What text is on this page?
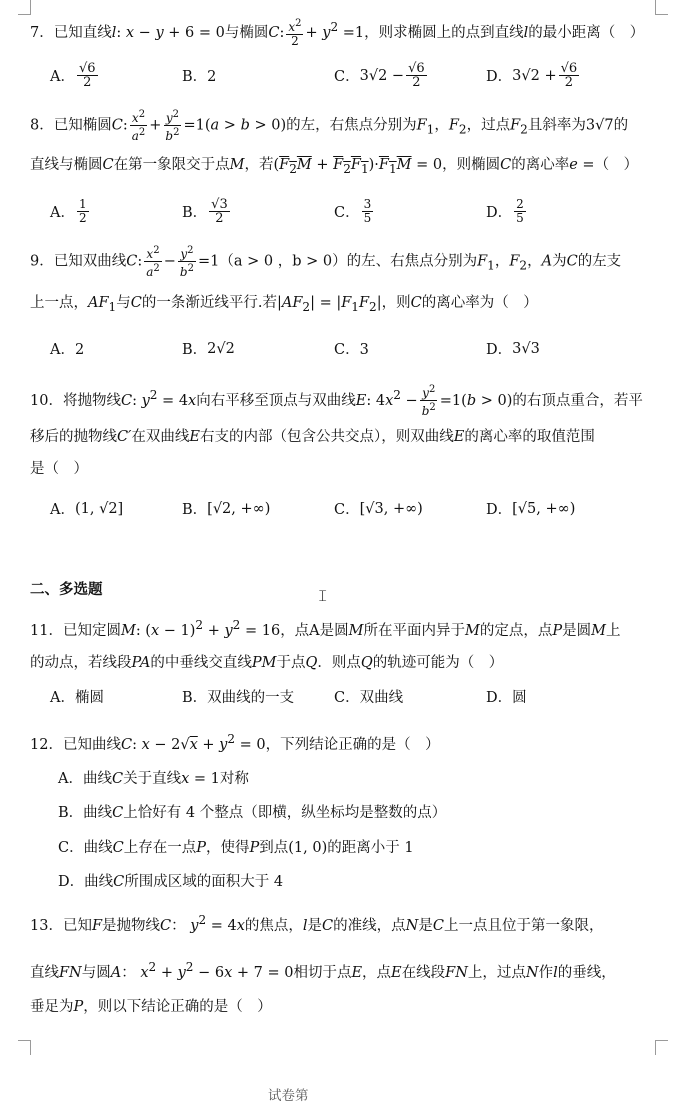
7．已知直线l: x − y + 6 = 0与椭圆C: $\frac{x^2}{2} + y^2 =1$，则求椭圆上的点到直线l的最小距离（　）
A． $\frac{√6}{2}$	B．2	C． $3√2 - \frac{√6}{2}$	D． $3√2 + \frac{√6}{2}$
8．已知椭圆C: $\frac{x^2}{a^2} + \frac{y^2}{b^2} =1(a > b > 0)$的左，右焦点分别为$F_1$，$F_2$，过点$F_2$且斜率为3√7的
直线与椭圆C在第一象限交于点M，若$(F_2M + F_2F_1)\cdot F_1M = 0$，则椭圆C的离心率e =（　）
A． $\frac{1}{2}$	B． $\frac{√3}{2}$	C． $\frac{3}{5}$	D． $\frac{2}{5}$
9．已知双曲线C: $\frac{x^2}{a^2} - \frac{y^2}{b^2} =1(a > 0$ ，b > 0）的左、右焦点分别为$F_1$，$F_2$，A为C的左支
上一点，$AF_1$与C的一条渐近线平行.若$|AF_2| = |F_1F_2|$，则C的离心率为（　）
A．2	B． 2√2	C．3	D． 3√3
10．将抛物线C: $y^2 = 4x$向右平移至顶点与双曲线E: $4x^2 - \frac{y^2}{b^2} =1(b > 0)$的右顶点重合，若平
移后的抛物线C′在双曲线E右支的内部（包含公共交点），则双曲线E的离心率的取值范围
是（　）
A． (1, √2]	B． [√2, +∞)	C． [√3, +∞)	D． [√5, +∞)
二、多选题	𝙸
11．已知定圆M: $(x - 1)^2 + y^2 = 16$，点A是圆M所在平面内异于M的定点，点P是圆M上
的动点，若线段PA的中垂线交直线PM于点Q．则点Q的轨迹可能为（　）
A．椭圆	B．双曲线的一支	C．双曲线	D．圆
12．已知曲线C: $x - 2√x + y^2 = 0$，下列结论正确的是（　）
A．曲线C关于直线x = 1对称
B．曲线C上恰好有 4 个整点（即横，纵坐标均是整数的点）
C．曲线C上存在一点P，使得P到点(1, 0)的距离小于 1
D．曲线C所围成区域的面积大于 4
13．已知F是抛物线C： $y^2 = 4x$的焦点，l是C的准线，点N是C上一点且位于第一象限，
直线FN与圆A： $x^2 + y^2 - 6x + 7 = 0$相切于点E，点E在线段FN上，过点N作l的垂线，
垂足为P，则以下结论正确的是（　）
试卷第
